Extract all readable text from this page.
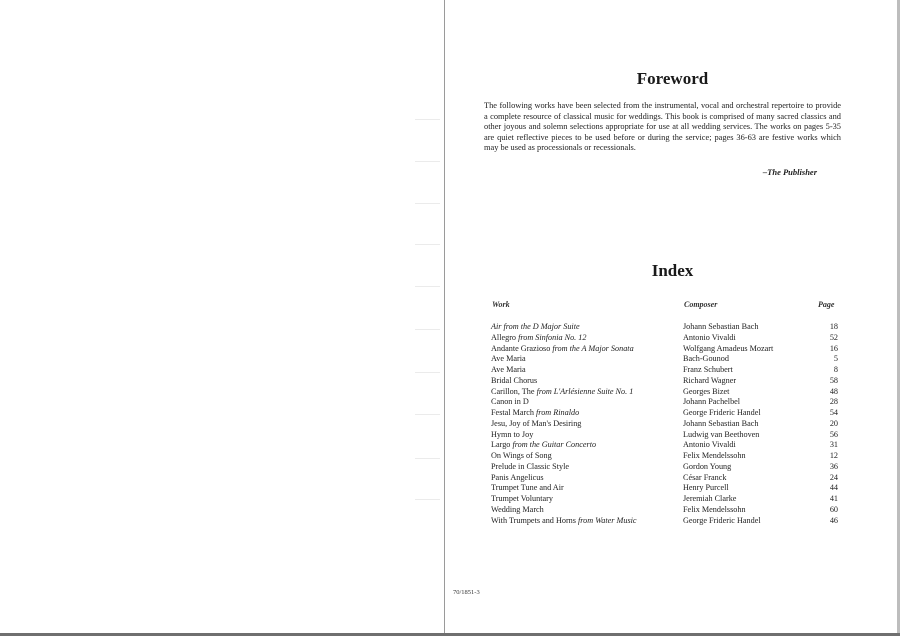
Foreword

The following works have been selected from the instrumental, vocal and orchestral repertoire to provide a complete resource of classical music for weddings. This book is comprised of many sacred classics and other joyous and solemn selections appropriate for use at all wedding services. The works on pages 5-35 are quiet reflective pieces to be used before or during the service; pages 36-63 are festive works which may be used as processionals or recessionals.

–The Publisher
Index
Work	Composer	Page
Air from the D Major Suite	Johann Sebastian Bach	18
Allegro from Sinfonia No. 12	Antonio Vivaldi	52
Andante Grazioso from the A Major Sonata	Wolfgang Amadeus Mozart	16
Ave Maria	Bach-Gounod	5
Ave Maria	Franz Schubert	8
Bridal Chorus	Richard Wagner	58
Carillon, The from L'Arlésienne Suite No. 1	Georges Bizet	48
Canon in D	Johann Pachelbel	28
Festal March from Rinaldo	George Frideric Handel	54
Jesu, Joy of Man's Desiring	Johann Sebastian Bach	20
Hymn to Joy	Ludwig van Beethoven	56
Largo from the Guitar Concerto	Antonio Vivaldi	31
On Wings of Song	Felix Mendelssohn	12
Prelude in Classic Style	Gordon Young	36
Panis Angelicus	César Franck	24
Trumpet Tune and Air	Henry Purcell	44
Trumpet Voluntary	Jeremiah Clarke	41
Wedding March	Felix Mendelssohn	60
With Trumpets and Horns from Water Music	George Frideric Handel	46
70/1851-3
